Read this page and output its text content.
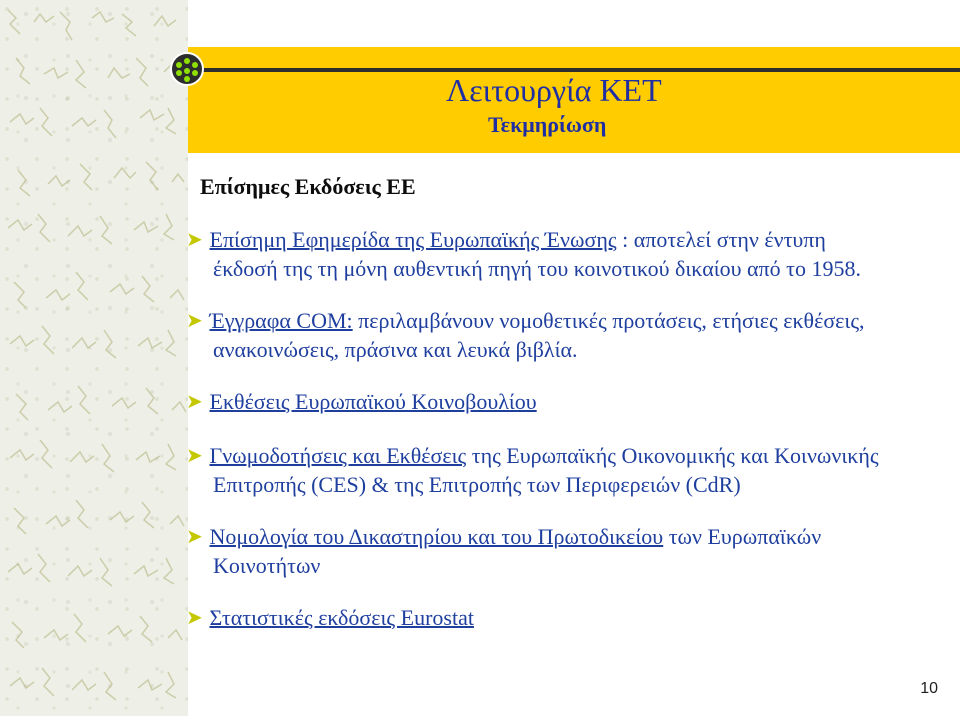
Λειτουργία ΚΕΤ
Τεκμηρίωση
Επίσημες Εκδόσεις ΕΕ
➤ Επίσημη Εφημερίδα της Ευρωπαϊκής Ένωσης : αποτελεί στην έντυπη
έκδοσή της τη μόνη αυθεντική πηγή του κοινοτικού δικαίου από το 1958.
➤ Έγγραφα COM: περιλαμβάνουν νομοθετικές προτάσεις, ετήσιες εκθέσεις,
ανακοινώσεις, πράσινα και λευκά βιβλία.
➤ Εκθέσεις Ευρωπαϊκού Κοινοβουλίου
➤ Γνωμοδοτήσεις και Εκθέσεις της Ευρωπαϊκής Οικονομικής και Κοινωνικής
Επιτροπής (CES) & της Επιτροπής των Περιφερειών (CdR)
➤ Νομολογία του Δικαστηρίου και του Πρωτοδικείου των Ευρωπαϊκών
Κοινοτήτων
➤ Στατιστικές εκδόσεις Eurostat
10
